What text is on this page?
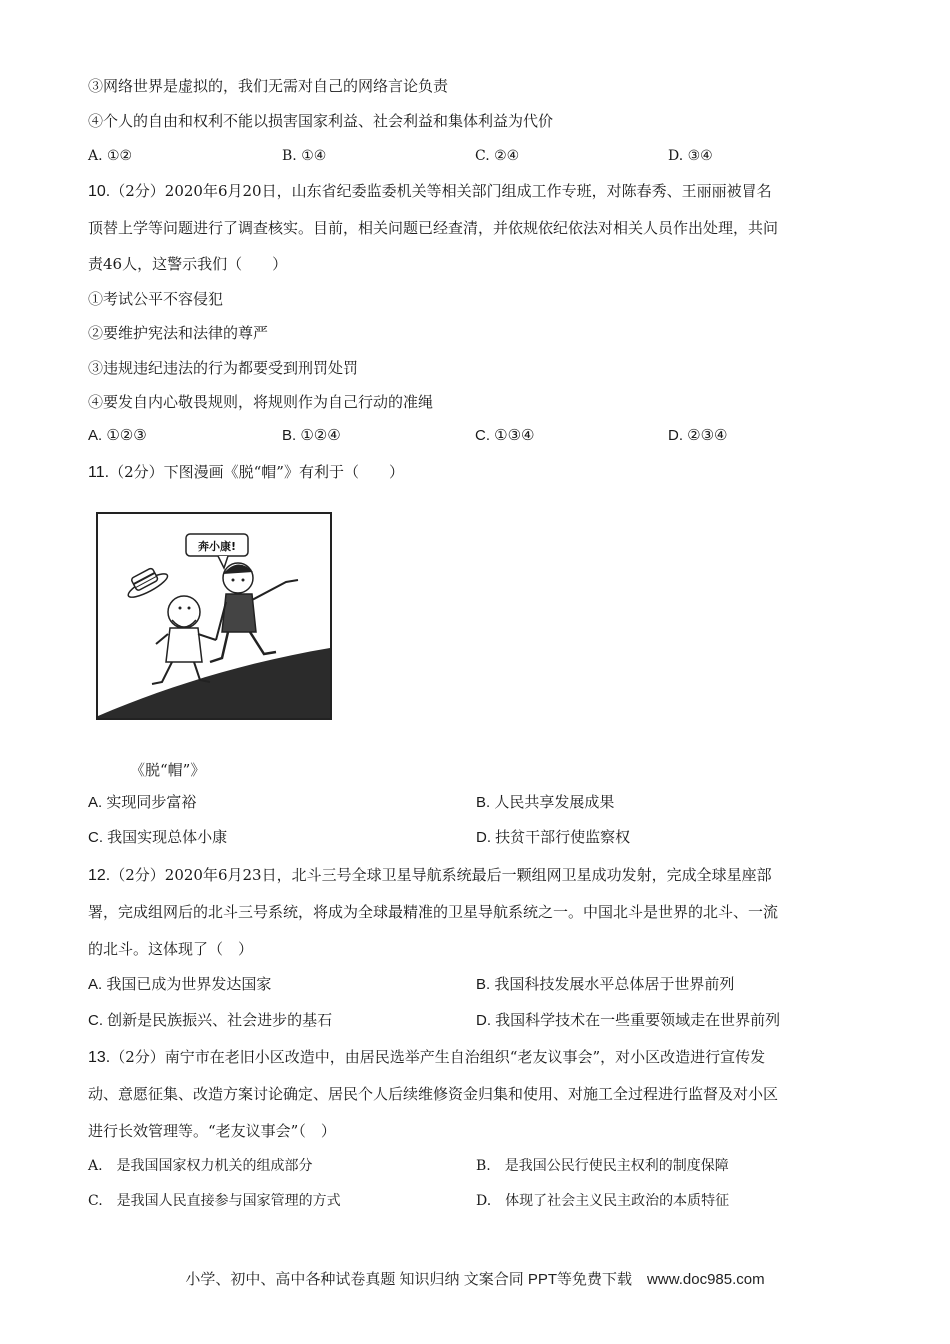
③网络世界是虚拟的，我们无需对自己的网络言论负责
④个人的自由和权利不能以损害国家利益、社会利益和集体利益为代价
A. ①②	B. ①④	C. ②④	D. ③④
10.（2分）2020年6月20日，山东省纪委监委机关等相关部门组成工作专班，对陈春秀、王丽丽被冒名
顶替上学等问题进行了调查核实。目前，相关问题已经查清，并依规依纪依法对相关人员作出处理，共问
责46人，这警示我们（　　）
①考试公平不容侵犯
②要维护宪法和法律的尊严
③违规违纪违法的行为都要受到刑罚处罚
④要发自内心敬畏规则，将规则作为自己行动的准绳
A. ①②③	B. ①②④	C. ①③④	D. ②③④
11.（2分）下图漫画《脱“帽”》有利于（　　）
奔小康!
《脱“帽”》
A. 实现同步富裕	B. 人民共享发展成果
C. 我国实现总体小康	D. 扶贫干部行使监察权
12.（2分）2020年6月23日，北斗三号全球卫星导航系统最后一颗组网卫星成功发射，完成全球星座部
署，完成组网后的北斗三号系统，将成为全球最精准的卫星导航系统之一。中国北斗是世界的北斗、一流
的北斗。这体现了（　）
A. 我国已成为世界发达国家	B. 我国科技发展水平总体居于世界前列
C. 创新是民族振兴、社会进步的基石	D. 我国科学技术在一些重要领域走在世界前列
13.（2分）南宁市在老旧小区改造中，由居民选举产生自治组织“老友议事会”，对小区改造进行宣传发
动、意愿征集、改造方案讨论确定、居民个人后续维修资金归集和使用、对施工全过程进行监督及对小区
进行长效管理等。“老友议事会”（　）
A.　是我国国家权力机关的组成部分	B.　是我国公民行使民主权利的制度保障
C.　是我国人民直接参与国家管理的方式	D.　体现了社会主义民主政治的本质特征
小学、初中、高中各种试卷真题 知识归纳 文案合同 PPT等免费下载　www.doc985.com
